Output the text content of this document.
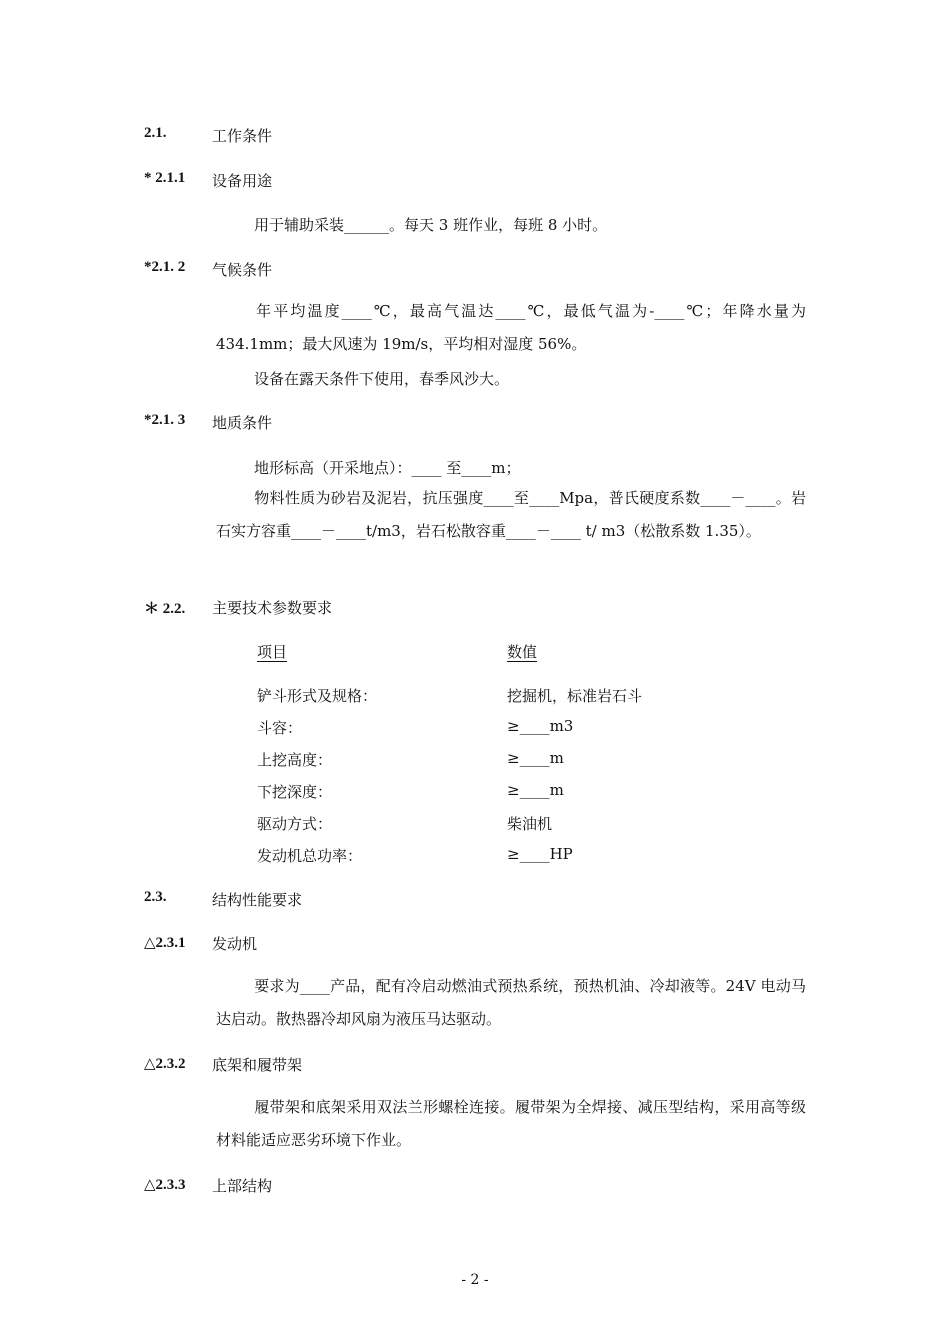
2.1.	工作条件
* 2.1.1 设备用途
用于辅助采装______。每天 3 班作业，每班 8 小时。
*2.1. 2 气候条件
年平均温度____℃，最高气温达____℃，最低气温为-____℃；年降水量为 434.1mm；最大风速为 19m/s，平均相对湿度 56%。
设备在露天条件下使用，春季风沙大。
*2.1. 3 地质条件
地形标高（开采地点）：____ 至____m；
物料性质为砂岩及泥岩，抗压强度____至____Mpa，普氏硬度系数____－____。岩石实方容重____－____t/m3，岩石松散容重____－____ t/ m3（松散系数 1.35）。
＊ 2.2. 主要技术参数要求
项目	数值
铲斗形式及规格：	挖掘机，标准岩石斗
斗容：	≥____m3
上挖高度：	≥____m
下挖深度：	≥____m
驱动方式：	柴油机
发动机总功率：	≥____HP
2.3.	结构性能要求
△2.3.1 发动机
要求为____产品，配有冷启动燃油式预热系统，预热机油、冷却液等。24V 电动马达启动。散热器冷却风扇为液压马达驱动。
△2.3.2 底架和履带架
履带架和底架采用双法兰形螺栓连接。履带架为全焊接、减压型结构，采用高等级材料能适应恶劣环境下作业。
△2.3.3 上部结构
- 2 -
